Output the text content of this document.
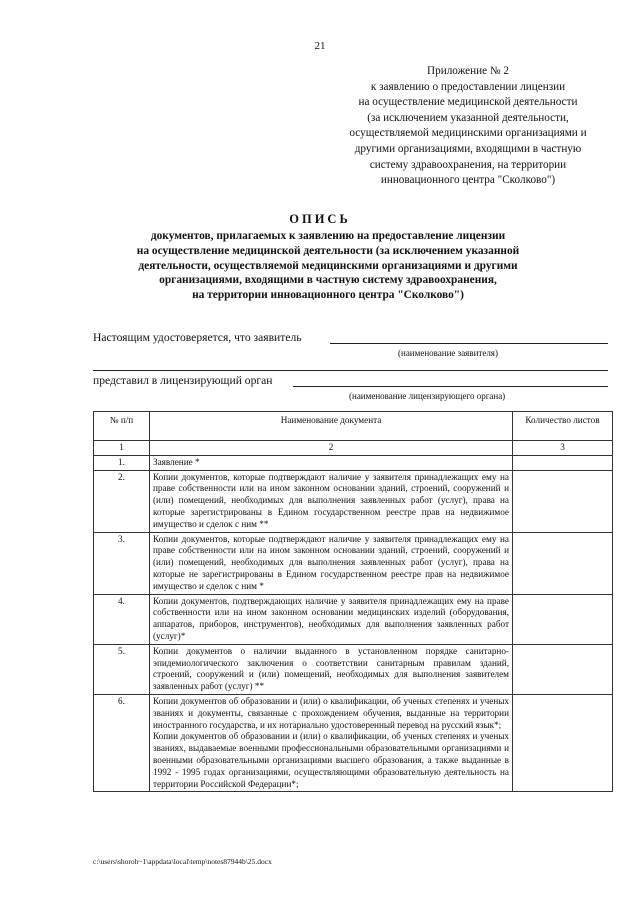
21
Приложение № 2
к заявлению о предоставлении лицензии
на осуществление медицинской деятельности
(за исключением указанной деятельности,
осуществляемой медицинскими организациями и
другими организациями, входящими в частную
систему здравоохранения, на территории
инновационного центра "Сколково")
ОПИСЬ
документов, прилагаемых к заявлению на предоставление лицензии
на осуществление медицинской деятельности (за исключением указанной
деятельности, осуществляемой медицинскими организациями и другими
организациями, входящими в частную систему здравоохранения,
на территории инновационного центра "Сколково")
Настоящим удостоверяется, что заявитель
(наименование заявителя)
представил в лицензирующий орган
(наименование лицензирующего органа)
№ п/п	Наименование документа	Количество листов
1	2	3
1.	Заявление *	
2.	Копии документов, которые подтверждают наличие у заявителя принадлежащих ему на праве собственности или на ином законном основании зданий, строений, сооружений и (или) помещений, необходимых для выполнения заявленных работ (услуг), права на которые зарегистрированы в Едином государственном реестре прав на недвижимое имущество и сделок с ним **	
3.	Копии документов, которые подтверждают наличие у заявителя принадлежащих ему на праве собственности или на ином законном основании зданий, строений, сооружений и (или) помещений, необходимых для выполнения заявленных работ (услуг), права на которые не зарегистрированы в Едином государственном реестре прав на недвижимое имущество и сделок с ним *	
4.	Копии документов, подтверждающих наличие у заявителя принадлежащих ему на праве собственности или на ином законном основании медицинских изделий (оборудования, аппаратов, приборов, инструментов), необходимых для выполнения заявленных работ (услуг)*	
5.	Копии документов о наличии выданного в установленном порядке санитарно-эпидемиологического заключения о соответствии санитарным правилам зданий, строений, сооружений и (или) помещений, необходимых для выполнения заявителем заявленных работ (услуг) **	
6.	Копии документов об образовании и (или) о квалификации, об ученых степенях и ученых званиях и документы, связанные с прохождением обучения, выданные на территории иностранного государства, и их нотариально удостоверенный перевод на русский язык*;
Копии документов об образовании и (или) о квалификации, об ученых степенях и ученых званиях, выдаваемые военными профессиональными образовательными организациями и военными образовательными организациями высшего образования, а также выданные в 1992 - 1995 годах организациями, осуществляющими образовательную деятельность на территории Российской Федерации*;	

c:\users\shoroh~1\appdata\local\temp\notes87944b\25.docx
